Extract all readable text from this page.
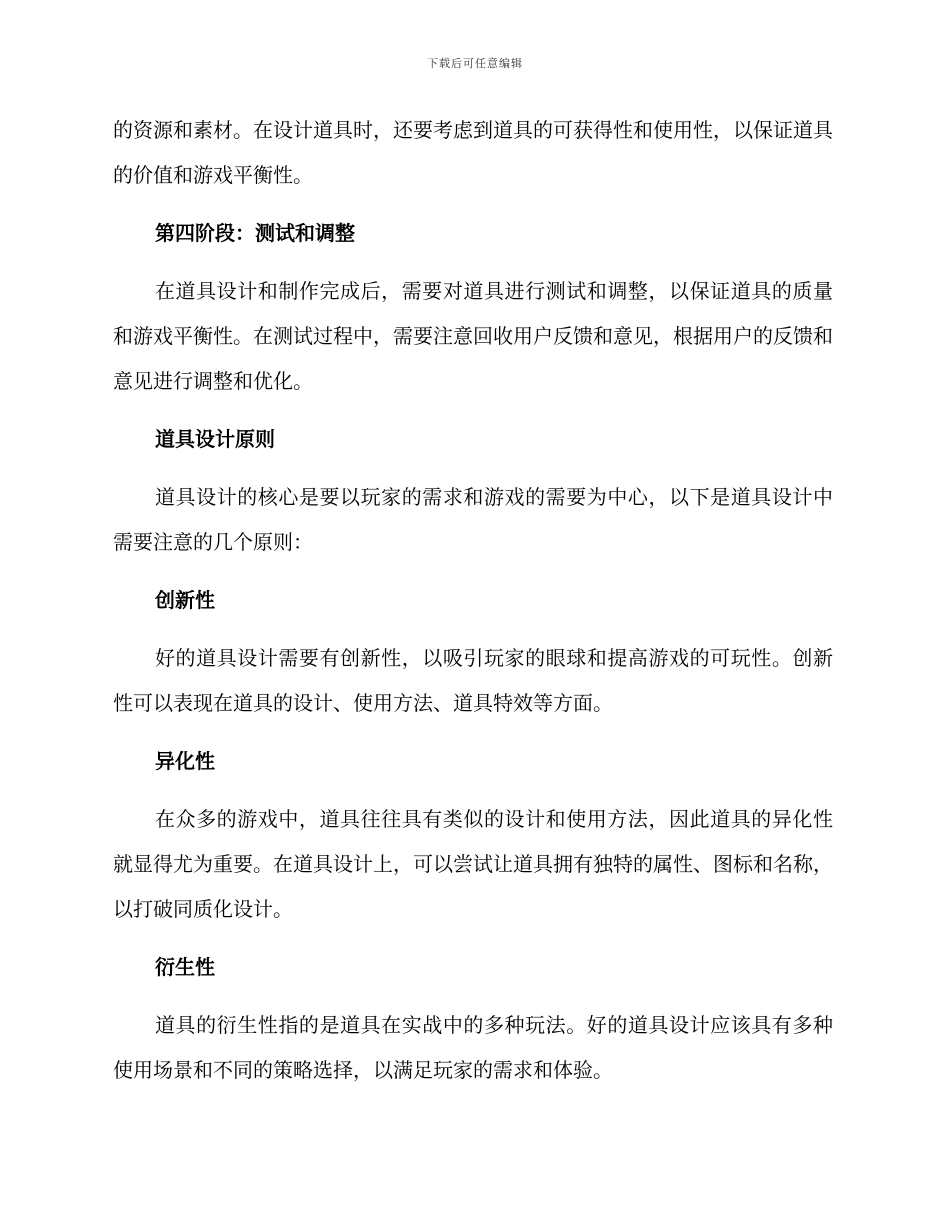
下载后可任意编辑

的资源和素材。在设计道具时，还要考虑到道具的可获得性和使用性，以保证道具的价值和游戏平衡性。

第四阶段：测试和调整

在道具设计和制作完成后，需要对道具进行测试和调整，以保证道具的质量和游戏平衡性。在测试过程中，需要注意回收用户反馈和意见，根据用户的反馈和意见进行调整和优化。

道具设计原则

道具设计的核心是要以玩家的需求和游戏的需要为中心，以下是道具设计中需要注意的几个原则：

创新性

好的道具设计需要有创新性，以吸引玩家的眼球和提高游戏的可玩性。创新性可以表现在道具的设计、使用方法、道具特效等方面。

异化性

在众多的游戏中，道具往往具有类似的设计和使用方法，因此道具的异化性就显得尤为重要。在道具设计上，可以尝试让道具拥有独特的属性、图标和名称，以打破同质化设计。

衍生性

道具的衍生性指的是道具在实战中的多种玩法。好的道具设计应该具有多种使用场景和不同的策略选择，以满足玩家的需求和体验。
